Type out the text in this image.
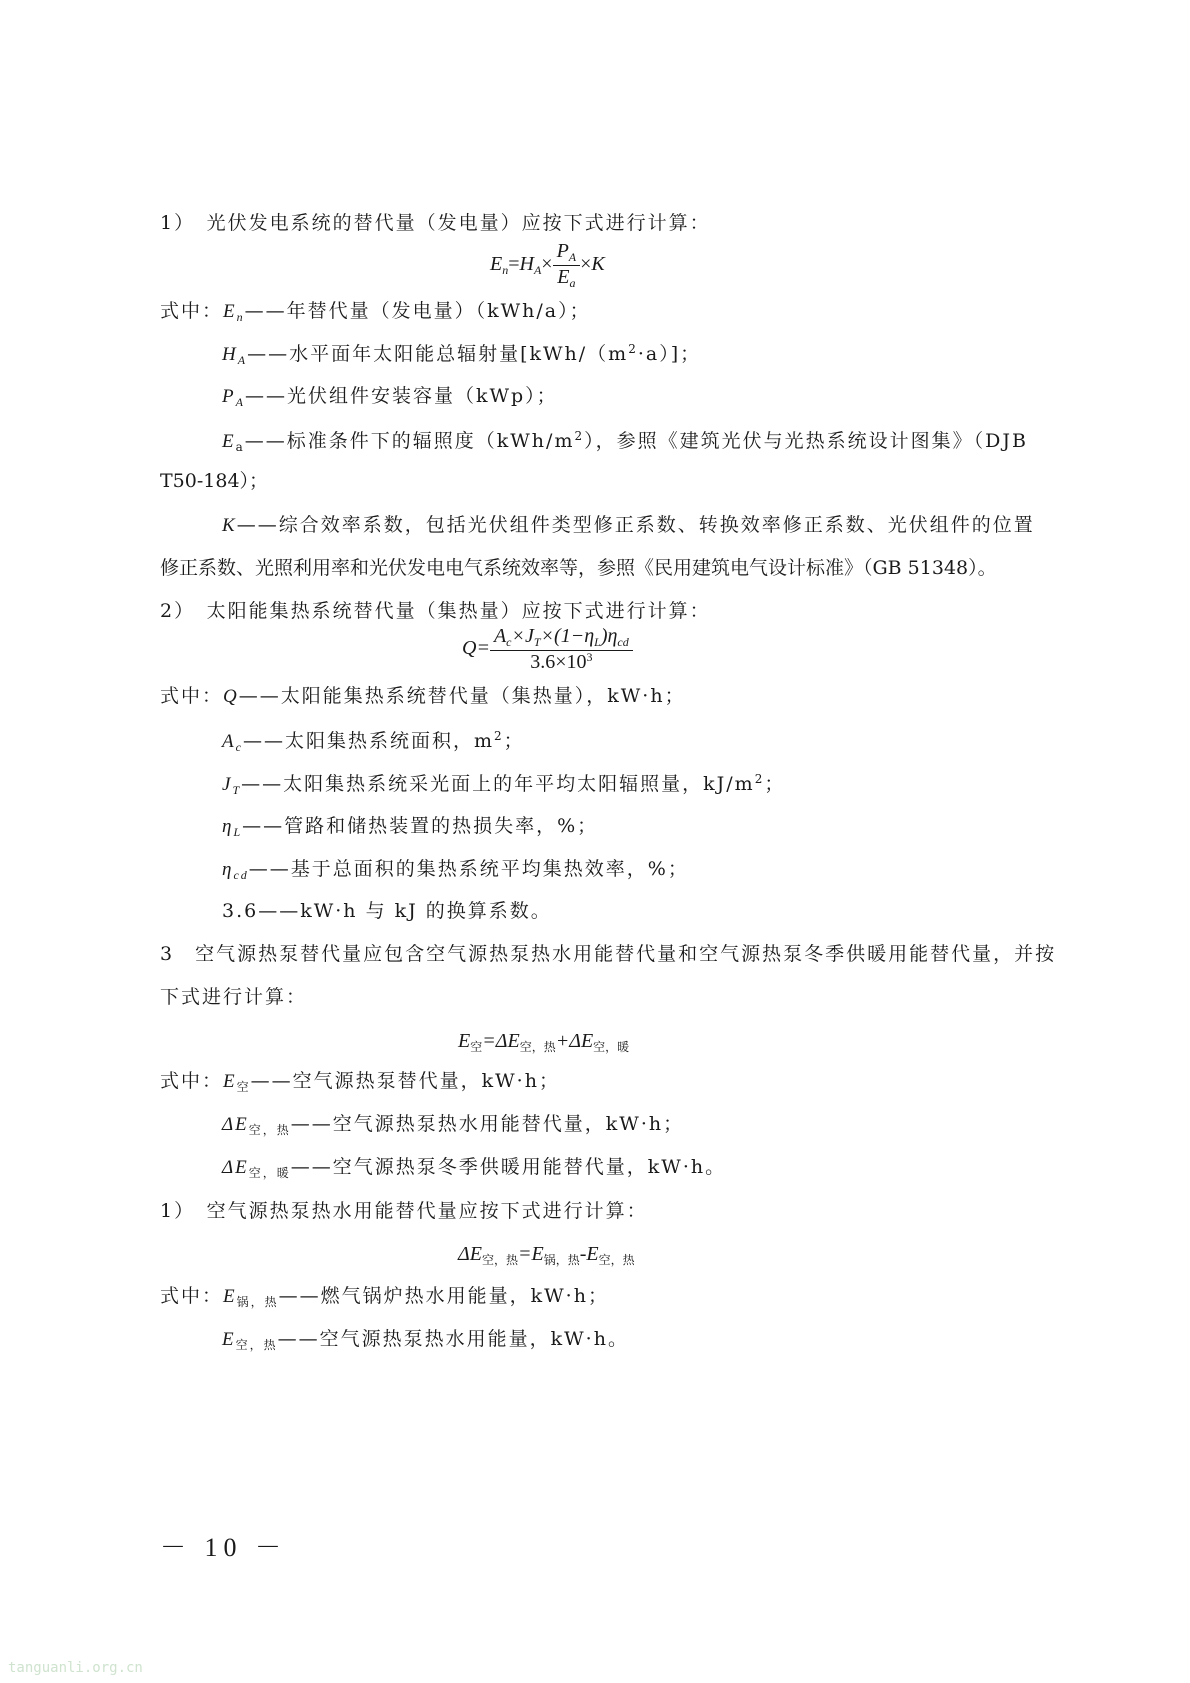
1）　光伏发电系统的替代量（发电量）应按下式进行计算：
$E_n=H_A\times \frac{P_A}{E_a} \times K$
式中：$E_n——$年替代量（发电量）（kWh/a）；
$H_A——$水平面年太阳能总辐射量$[kWh/(m^2\cdot a)]$；
$P_A——$光伏组件安装容量（kWp）；
$E_a——$标准条件下的辐照度$(kWh/m^2)$，参照《建筑光伏与光热系统设计图集》（DJB
T50-184）；
K——综合效率系数，包括光伏组件类型修正系数、转换效率修正系数、光伏组件的位置
修正系数、光照利用率和光伏发电电气系统效率等，参照《民用建筑电气设计标准》（GB 51348）。
2）　太阳能集热系统替代量（集热量）应按下式进行计算：
$Q= \frac{A_c\times J_T\times(1-\eta_L)\eta_{cd}}{3.6\times 10^3}$
式中：Q——太阳能集热系统替代量（集热量），kW·h；
$A_c——$太阳集热系统面积，$m^2$；
$J_T——$太阳集热系统采光面上的年平均太阳辐照量，$kJ/m^2$；
$\eta_L——$管路和储热装置的热损失率，%；
$\eta_{cd}——$基于总面积的集热系统平均集热效率，%；
3.6——kW·h 与 kJ 的换算系数。
3　空气源热泵替代量应包含空气源热泵热水用能替代量和空气源热泵冬季供暖用能替代量，并按
下式进行计算：
$E_空=\Delta E_{空,热}+\Delta E_{空,暖}$
式中：$E_空——$空气源热泵替代量，kW·h；
$\Delta E_{空,热}——$空气源热泵热水用能替代量，kW·h；
$\Delta E_{空,暖}——$空气源热泵冬季供暖用能替代量，kW·h。
1）　空气源热泵热水用能替代量应按下式进行计算：
$\Delta E_{空,热}=E_{锅,热}-E_{空,热}$
式中：$E_{锅,热}——$燃气锅炉热水用能量，kW·h；
$E_{空,热}——$空气源热泵热水用能量，kW·h。
－ 10 －
tanguanli.org.cn
